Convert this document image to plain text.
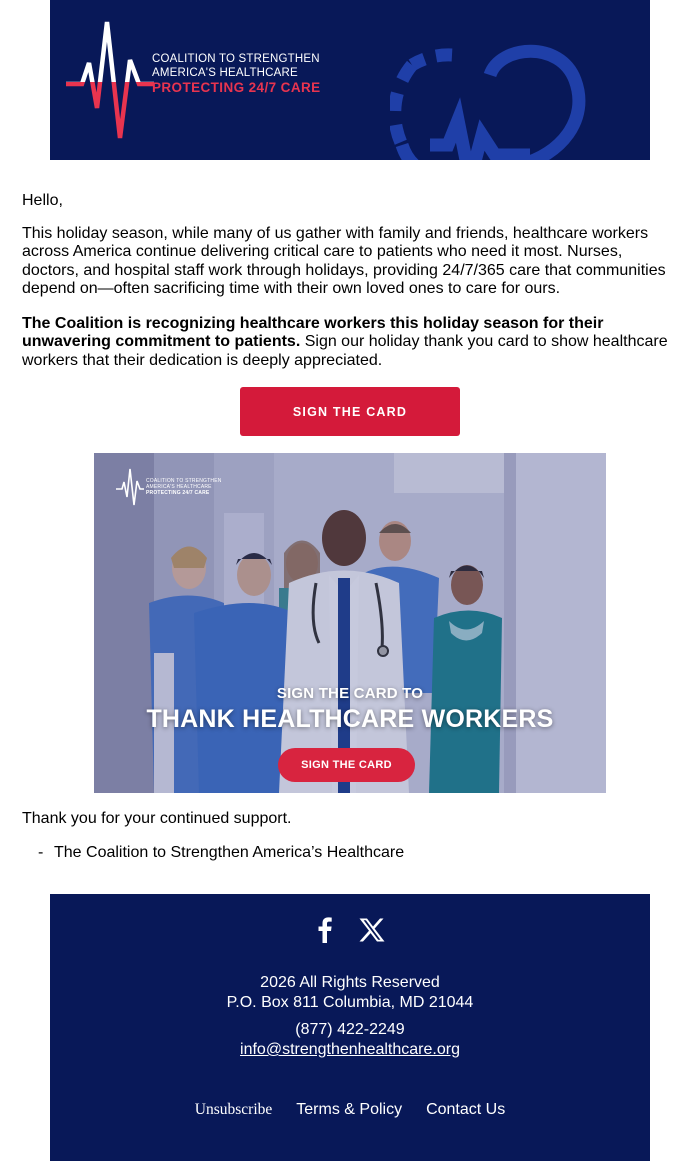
COALITION TO STRENGTHEN
AMERICA'S HEALTHCARE
PROTECTING 24/7 CARE

Hello,

This holiday season, while many of us gather with family and friends, healthcare workers across America continue delivering critical care to patients who need it most. Nurses, doctors, and hospital staff work through holidays, providing 24/7/365 care that communities depend on—often sacrificing time with their own loved ones to care for ours.

The Coalition is recognizing healthcare workers this holiday season for their unwavering commitment to patients. Sign our holiday thank you card to show healthcare workers that their dedication is deeply appreciated.

SIGN THE CARD
COALITION TO STRENGTHEN
AMERICA'S HEALTHCARE
PROTECTING 24/7 CARE
SIGN THE CARD TO
THANK HEALTHCARE WORKERS
SIGN THE CARD

Thank you for your continued support.

- The Coalition to Strengthen America’s Healthcare

2026 All Rights Reserved
P.O. Box 811 Columbia, MD 21044
(877) 422-2249
info@strengthenhealthcare.org
Unsubscribe Terms & Policy Contact Us
